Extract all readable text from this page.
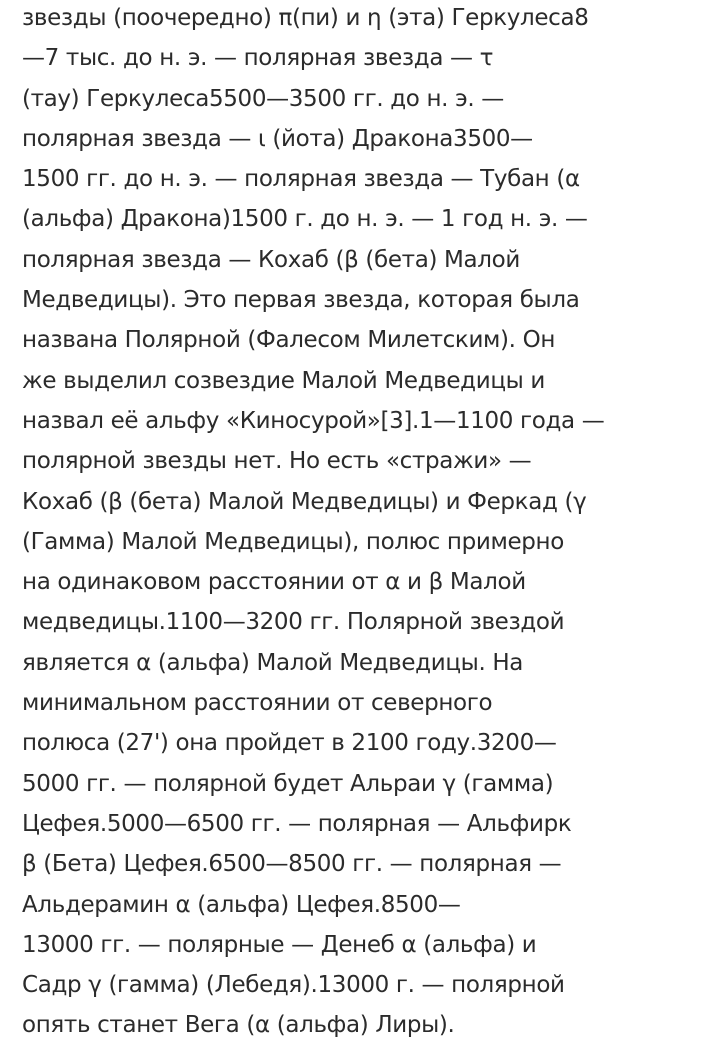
звезды (поочередно) π(пи) и η (эта) Геркулеса8
—7 тыс. до н. э. — полярная звезда — τ
(тау) Геркулеса5500—3500 гг. до н. э. —
полярная звезда — ι (йота) Дракона3500—
1500 гг. до н. э. — полярная звезда — Тубан (α
(альфа) Дракона)1500 г. до н. э. — 1 год н. э. —
полярная звезда — Кохаб (β (бета) Малой
Медведицы). Это первая звезда, которая была
названа Полярной (Фалесом Милетским). Он
же выделил созвездие Малой Медведицы и
назвал её альфу «Киносурой»[3].1—1100 года —
полярной звезды нет. Но есть «стражи» —
Кохаб (β (бета) Малой Медведицы) и Феркад (γ
(Гамма) Малой Медведицы), полюс примерно
на одинаковом расстоянии от α и β Малой
медведицы.1100—3200 гг. Полярной звездой
является α (альфа) Малой Медведицы. На
минимальном расстоянии от северного
полюса (27') она пройдет в 2100 году.3200—
5000 гг. — полярной будет Альраи γ (гамма)
Цефея.5000—6500 гг. — полярная — Альфирк
β (Бета) Цефея.6500—8500 гг. — полярная —
Альдерамин α (альфа) Цефея.8500—
13000 гг. — полярные — Денеб α (альфа) и
Садр γ (гамма) (Лебедя).13000 г. — полярной
опять станет Вега (α (альфа) Лиры).
